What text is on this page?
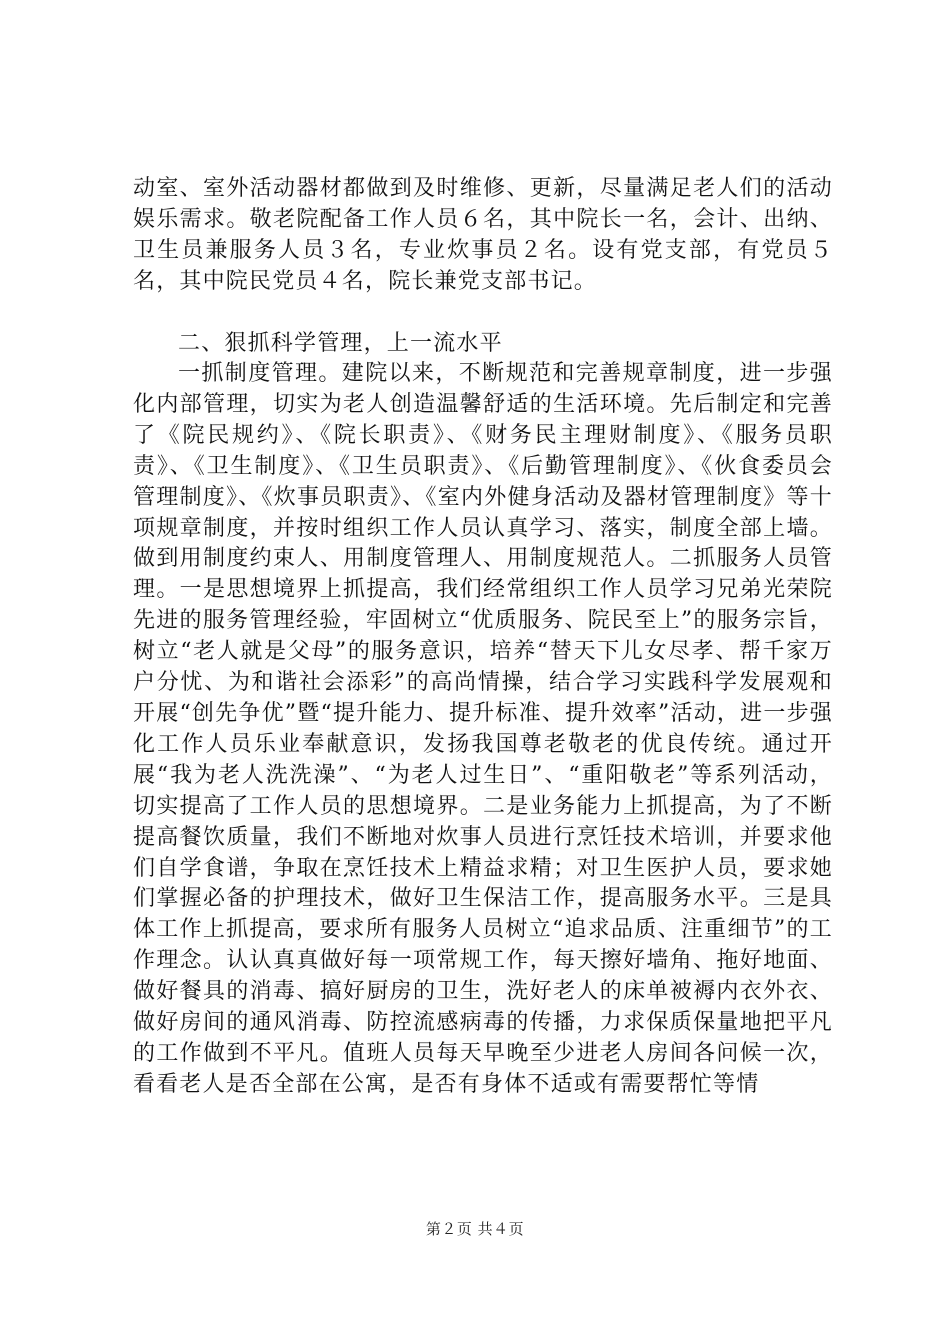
动室、室外活动器材都做到及时维修、更新，尽量满足老人们的活动娱乐需求。敬老院配备工作人员６名，其中院长一名，会计、出纳、卫生员兼服务人员３名，专业炊事员２名。设有党支部，有党员５名，其中院民党员４名，院长兼党支部书记。
二、狠抓科学管理，上一流水平
一抓制度管理。建院以来，不断规范和完善规章制度，进一步强化内部管理，切实为老人创造温馨舒适的生活环境。先后制定和完善了《院民规约》、《院长职责》、《财务民主理财制度》、《服务员职责》、《卫生制度》、《卫生员职责》、《后勤管理制度》、《伙食委员会管理制度》、《炊事员职责》、《室内外健身活动及器材管理制度》等十项规章制度，并按时组织工作人员认真学习、落实，制度全部上墙。做到用制度约束人、用制度管理人、用制度规范人。二抓服务人员管理。一是思想境界上抓提高，我们经常组织工作人员学习兄弟光荣院先进的服务管理经验，牢固树立“优质服务、院民至上”的服务宗旨，树立“老人就是父母”的服务意识，培养“替天下儿女尽孝、帮千家万户分忧、为和谐社会添彩”的高尚情操，结合学习实践科学发展观和开展“创先争优”暨“提升能力、提升标准、提升效率”活动，进一步强化工作人员乐业奉献意识，发扬我国尊老敬老的优良传统。通过开展“我为老人洗洗澡”、“为老人过生日”、“重阳敬老”等系列活动，切实提高了工作人员的思想境界。二是业务能力上抓提高，为了不断提高餐饮质量，我们不断地对炊事人员进行烹饪技术培训，并要求他们自学食谱，争取在烹饪技术上精益求精；对卫生医护人员，要求她们掌握必备的护理技术，做好卫生保洁工作，提高服务水平。三是具体工作上抓提高，要求所有服务人员树立“追求品质、注重细节”的工作理念。认认真真做好每一项常规工作，每天擦好墙角、拖好地面、做好餐具的消毒、搞好厨房的卫生，洗好老人的床单被褥内衣外衣、做好房间的通风消毒、防控流感病毒的传播，力求保质保量地把平凡的工作做到不平凡。值班人员每天早晚至少进老人房间各问候一次，看看老人是否全部在公寓，是否有身体不适或有需要帮忙等情
第２页 共４页
